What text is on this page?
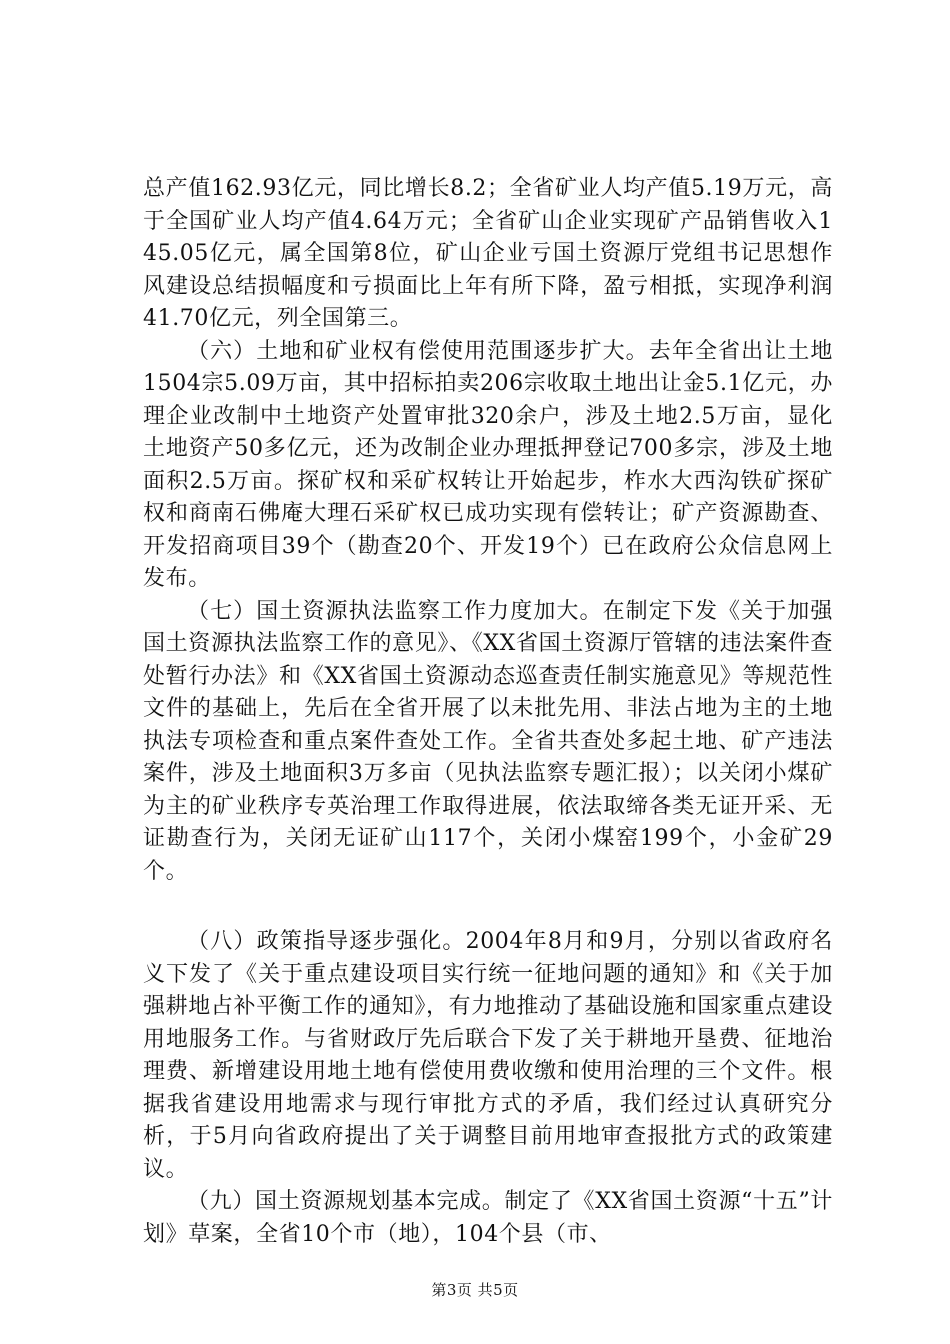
总产值162.93亿元，同比增长8.2；全省矿业人均产值5.19万元，高于全国矿业人均产值4.64万元；全省矿山企业实现矿产品销售收入145.05亿元，属全国第8位，矿山企业亏国土资源厅党组书记思想作风建设总结损幅度和亏损面比上年有所下降，盈亏相抵，实现净利润41.70亿元，列全国第三。

（六）土地和矿业权有偿使用范围逐步扩大。去年全省出让土地1504宗5.09万亩，其中招标拍卖206宗收取土地出让金5.1亿元，办理企业改制中土地资产处置审批320余户，涉及土地2.5万亩，显化土地资产50多亿元，还为改制企业办理抵押登记700多宗，涉及土地面积2.5万亩。探矿权和采矿权转让开始起步，柞水大西沟铁矿探矿权和商南石佛庵大理石采矿权已成功实现有偿转让；矿产资源勘查、开发招商项目39个（勘查20个、开发19个）已在政府公众信息网上发布。

（七）国土资源执法监察工作力度加大。在制定下发《关于加强国土资源执法监察工作的意见》、《XX省国土资源厅管辖的违法案件查处暂行办法》和《XX省国土资源动态巡查责任制实施意见》等规范性文件的基础上，先后在全省开展了以未批先用、非法占地为主的土地执法专项检查和重点案件查处工作。全省共查处多起土地、矿产违法案件，涉及土地面积3万多亩（见执法监察专题汇报）；以关闭小煤矿为主的矿业秩序专英治理工作取得进展，依法取缔各类无证开采、无证勘查行为，关闭无证矿山117个，关闭小煤窑199个，小金矿29个。

（八）政策指导逐步强化。2004年8月和9月，分别以省政府名义下发了《关于重点建设项目实行统一征地问题的通知》和《关于加强耕地占补平衡工作的通知》，有力地推动了基础设施和国家重点建设用地服务工作。与省财政厅先后联合下发了关于耕地开垦费、征地治理费、新增建设用地土地有偿使用费收缴和使用治理的三个文件。根据我省建设用地需求与现行审批方式的矛盾，我们经过认真研究分析，于5月向省政府提出了关于调整目前用地审查报批方式的政策建议。

（九）国土资源规划基本完成。制定了《XX省国土资源“十五”计划》草案，全省10个市（地），104个县（市、

第3页 共5页
